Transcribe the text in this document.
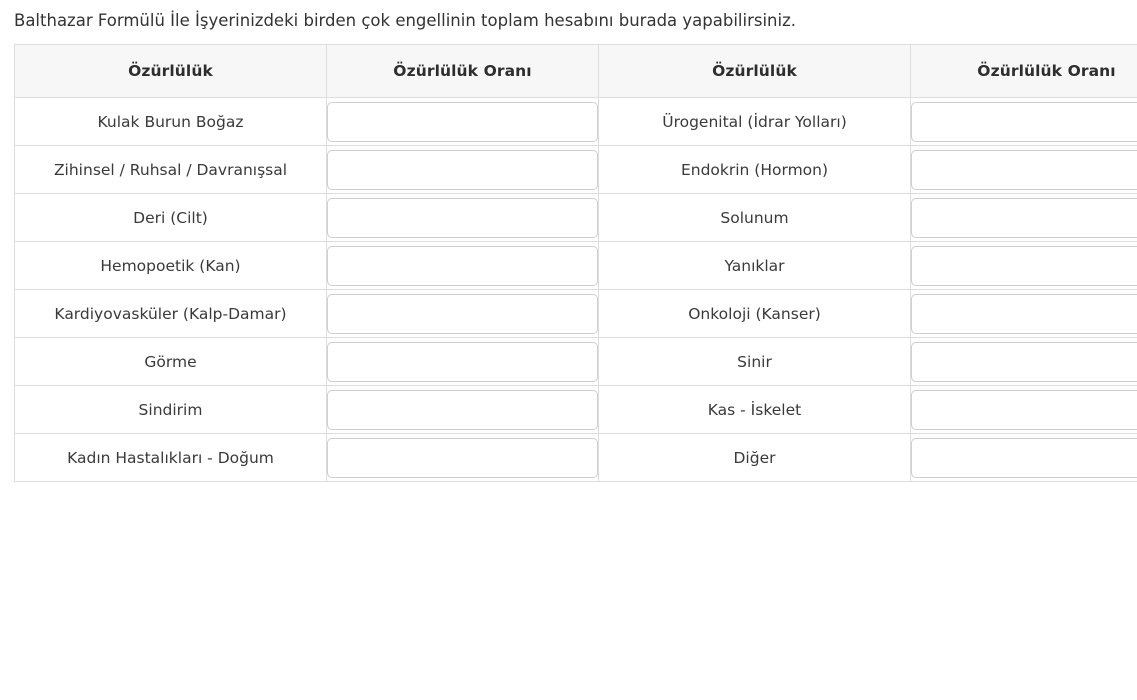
Balthazar Formülü İle İşyerinizdeki birden çok engellinin toplam hesabını burada yapabilirsiniz.
Özürlülük	Özürlülük Oranı	Özürlülük	Özürlülük Oranı
Kulak Burun Boğaz		Ürogenital (İdrar Yolları)	
Zihinsel / Ruhsal / Davranışsal		Endokrin (Hormon)	
Deri (Cilt)		Solunum	
Hemopoetik (Kan)		Yanıklar	
Kardiyovasküler (Kalp-Damar)		Onkoloji (Kanser)	
Görme		Sinir	
Sindirim		Kas - İskelet	
Kadın Hastalıkları - Doğum		Diğer	
